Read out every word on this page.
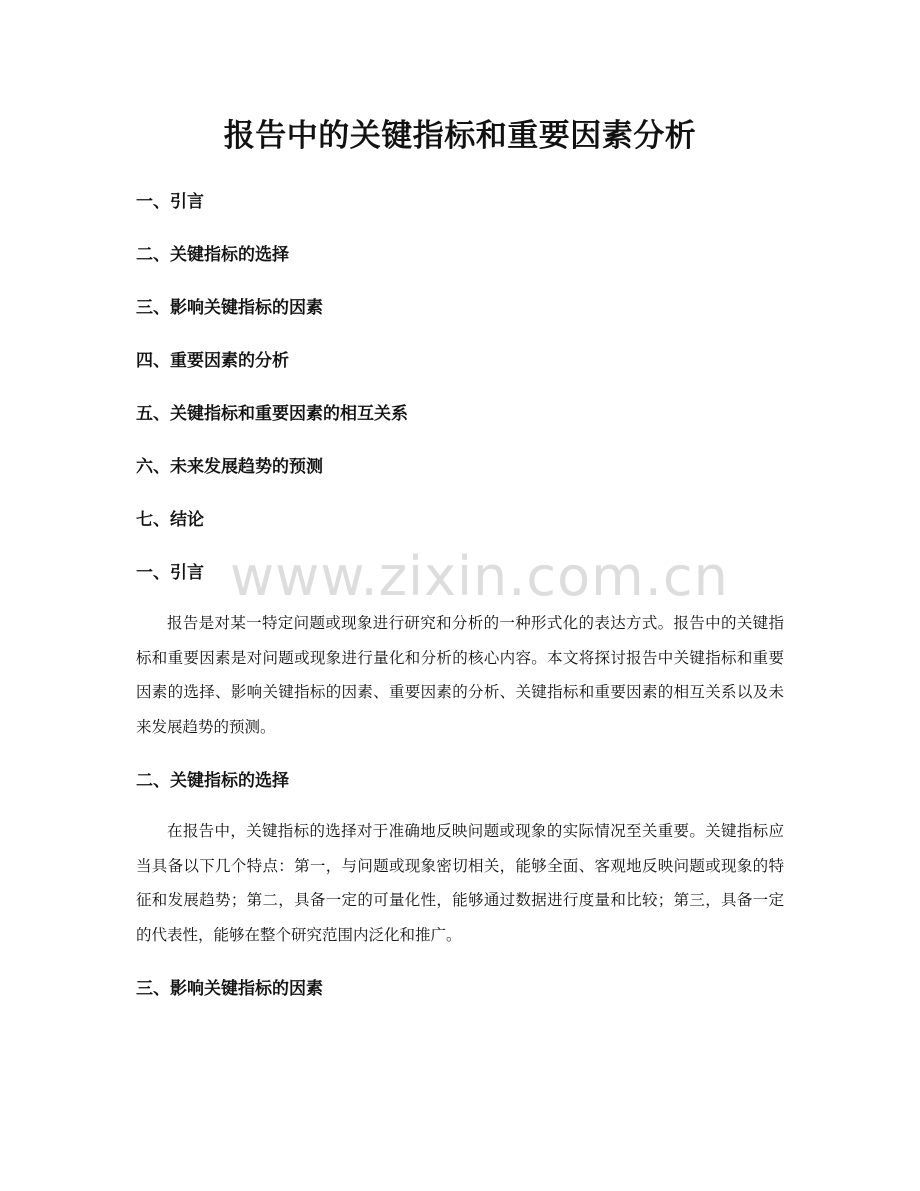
报告中的关键指标和重要因素分析
一、引言
二、关键指标的选择
三、影响关键指标的因素
四、重要因素的分析
五、关键指标和重要因素的相互关系
六、未来发展趋势的预测
七、结论
一、引言

报告是对某一特定问题或现象进行研究和分析的一种形式化的表达方式。报告中的关键指标和重要因素是对问题或现象进行量化和分析的核心内容。本文将探讨报告中关键指标和重要因素的选择、影响关键指标的因素、重要因素的分析、关键指标和重要因素的相互关系以及未来发展趋势的预测。

二、关键指标的选择

在报告中，关键指标的选择对于准确地反映问题或现象的实际情况至关重要。关键指标应当具备以下几个特点：第一，与问题或现象密切相关，能够全面、客观地反映问题或现象的特征和发展趋势；第二，具备一定的可量化性，能够通过数据进行度量和比较；第三，具备一定的代表性，能够在整个研究范围内泛化和推广。

三、影响关键指标的因素
www.zixin.com.cn
